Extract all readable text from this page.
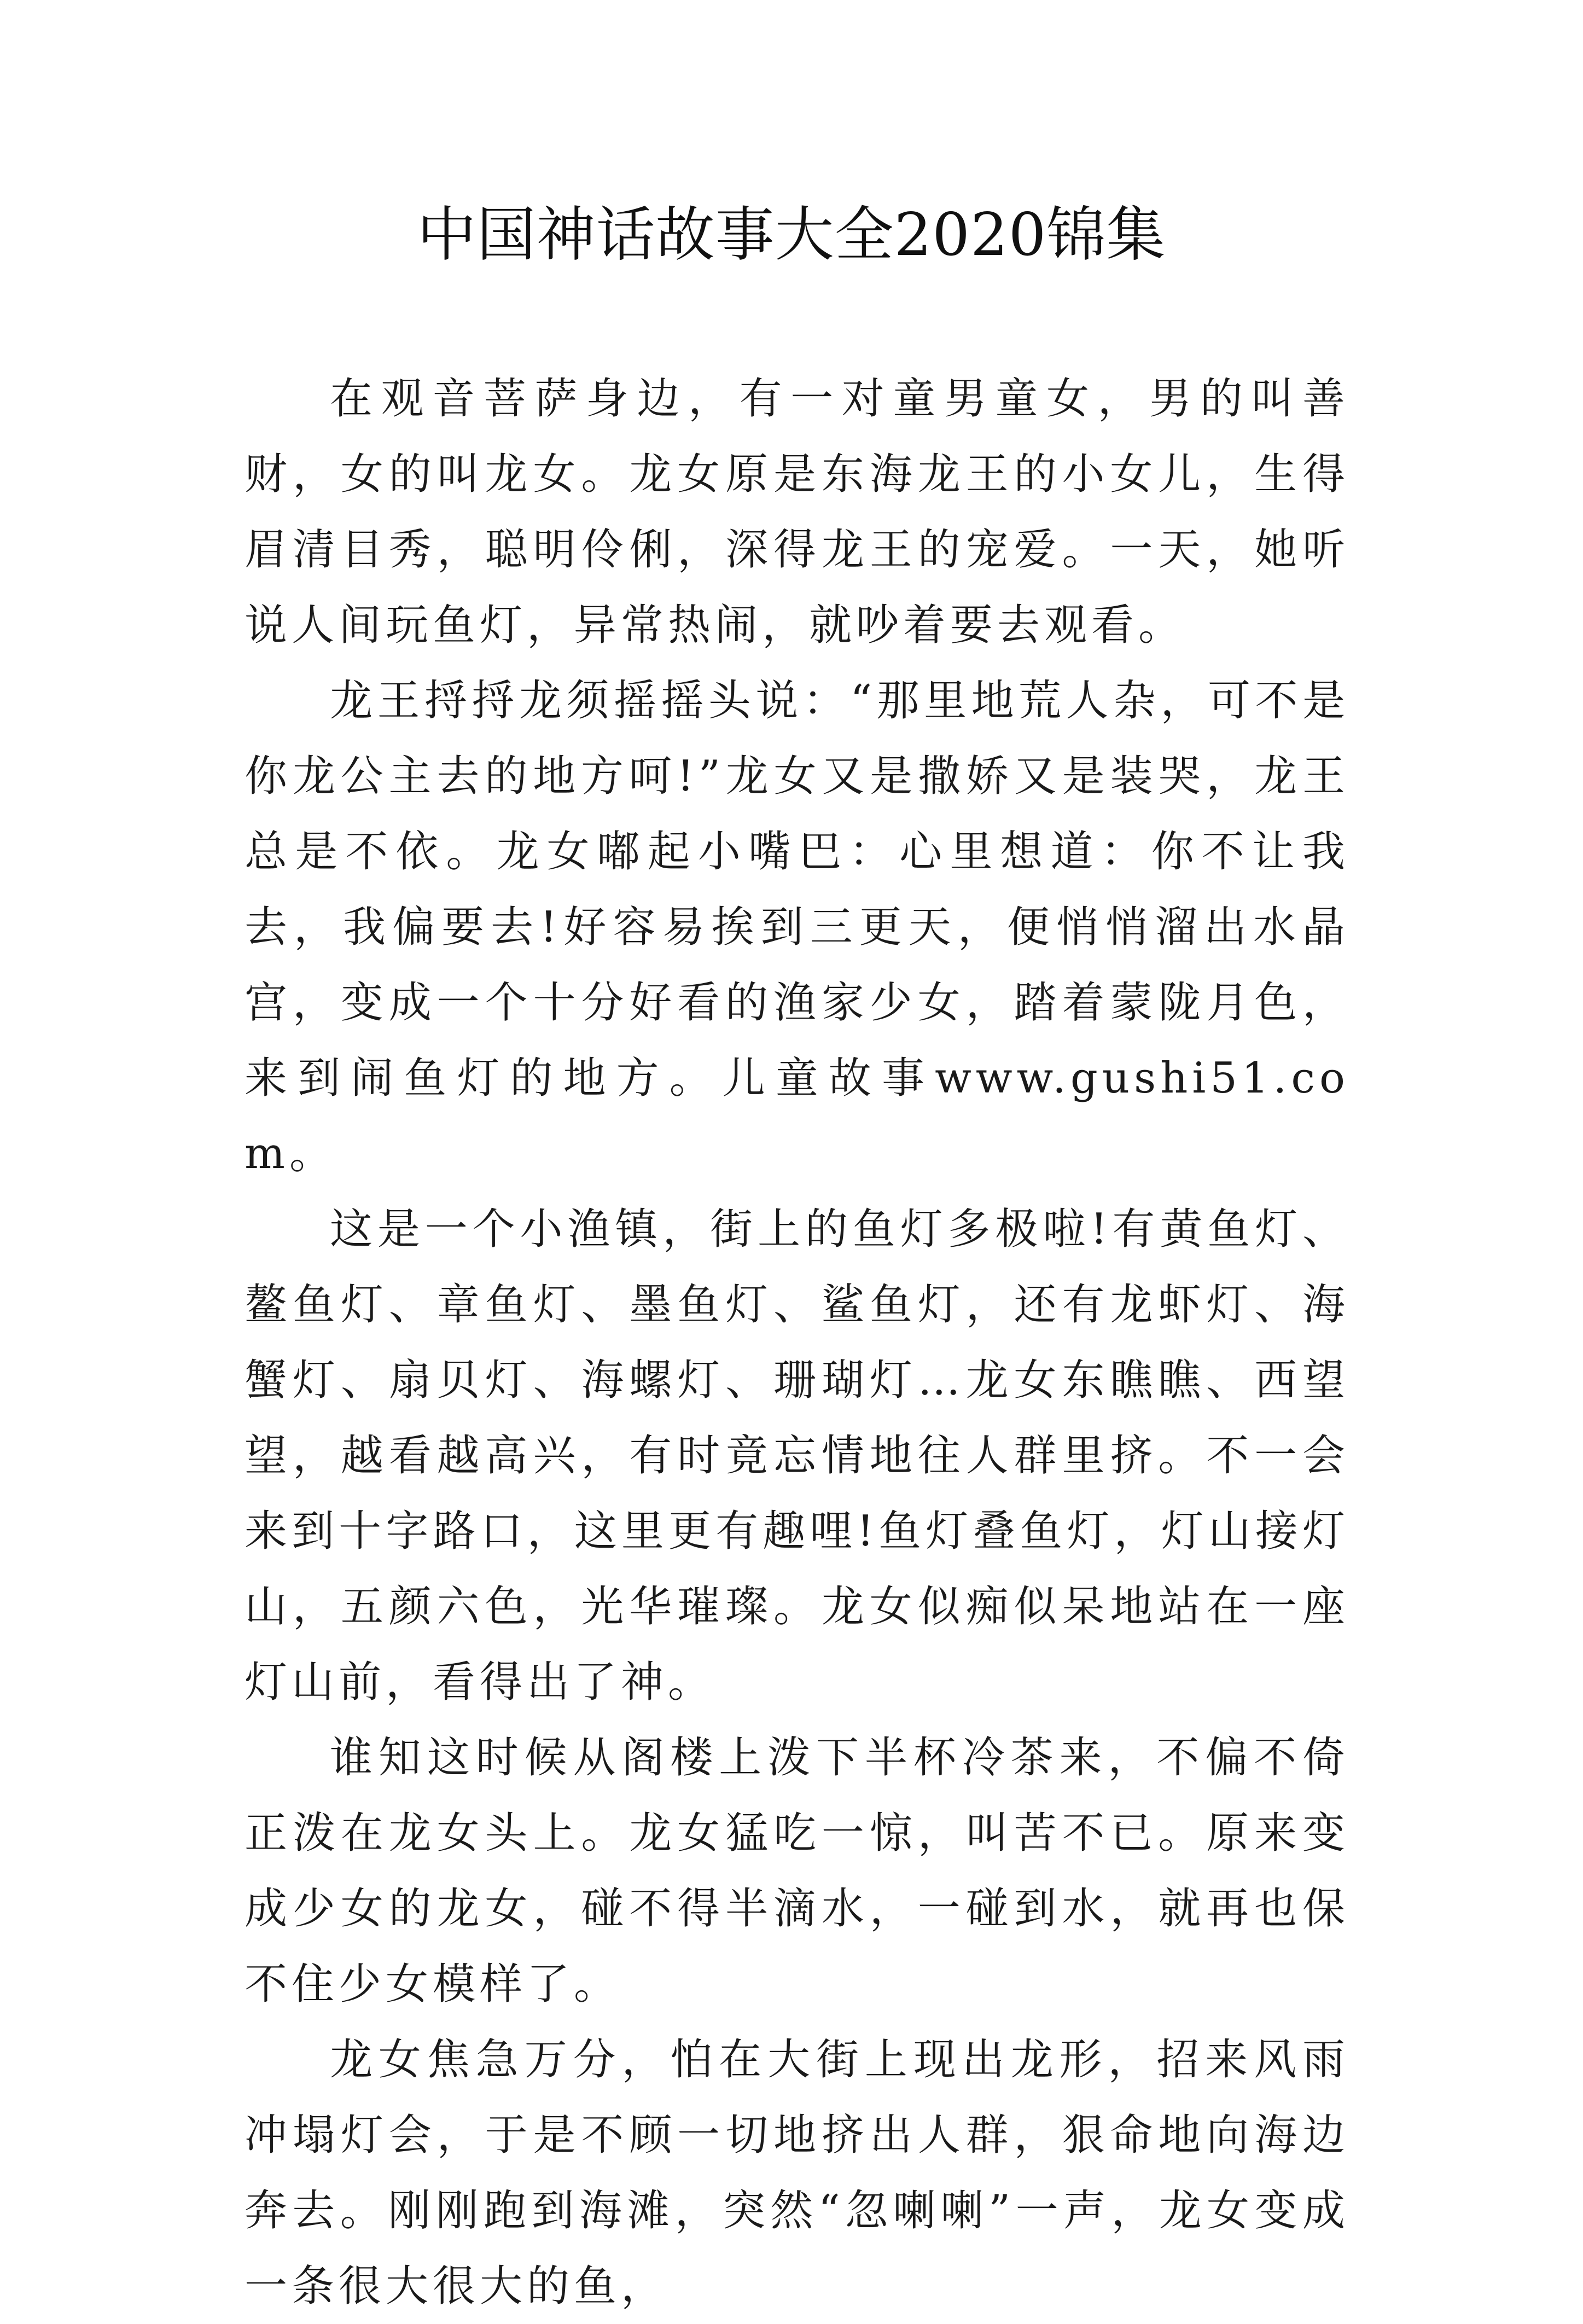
中国神话故事大全2020锦集

在观音菩萨身边，有一对童男童女，男的叫善财，女的叫龙女。龙女原是东海龙王的小女儿，生得眉清目秀，聪明伶俐，深得龙王的宠爱。一天，她听说人间玩鱼灯，异常热闹，就吵着要去观看。

龙王捋捋龙须摇摇头说：“那里地荒人杂，可不是你龙公主去的地方呵!”龙女又是撒娇又是装哭，龙王总是不依。龙女嘟起小嘴巴：心里想道：你不让我去，我偏要去!好容易挨到三更天，便悄悄溜出水晶宫，变成一个十分好看的渔家少女，踏着蒙陇月色，来到闹鱼灯的地方。儿童故事www.gushi51.com。

这是一个小渔镇，街上的鱼灯多极啦!有黄鱼灯、鳌鱼灯、章鱼灯、墨鱼灯、鲨鱼灯，还有龙虾灯、海蟹灯、扇贝灯、海螺灯、珊瑚灯…龙女东瞧瞧、西望望，越看越高兴，有时竟忘情地往人群里挤。不一会来到十字路口，这里更有趣哩!鱼灯叠鱼灯，灯山接灯山，五颜六色，光华璀璨。龙女似痴似呆地站在一座灯山前，看得出了神。

谁知这时候从阁楼上泼下半杯冷茶来，不偏不倚正泼在龙女头上。龙女猛吃一惊，叫苦不已。原来变成少女的龙女，碰不得半滴水，一碰到水，就再也保不住少女模样了。

龙女焦急万分，怕在大街上现出龙形，招来风雨冲塌灯会，于是不顾一切地挤出人群，狠命地向海边奔去。刚刚跑到海滩，突然“忽喇喇”一声，龙女变成一条很大很大的鱼，
